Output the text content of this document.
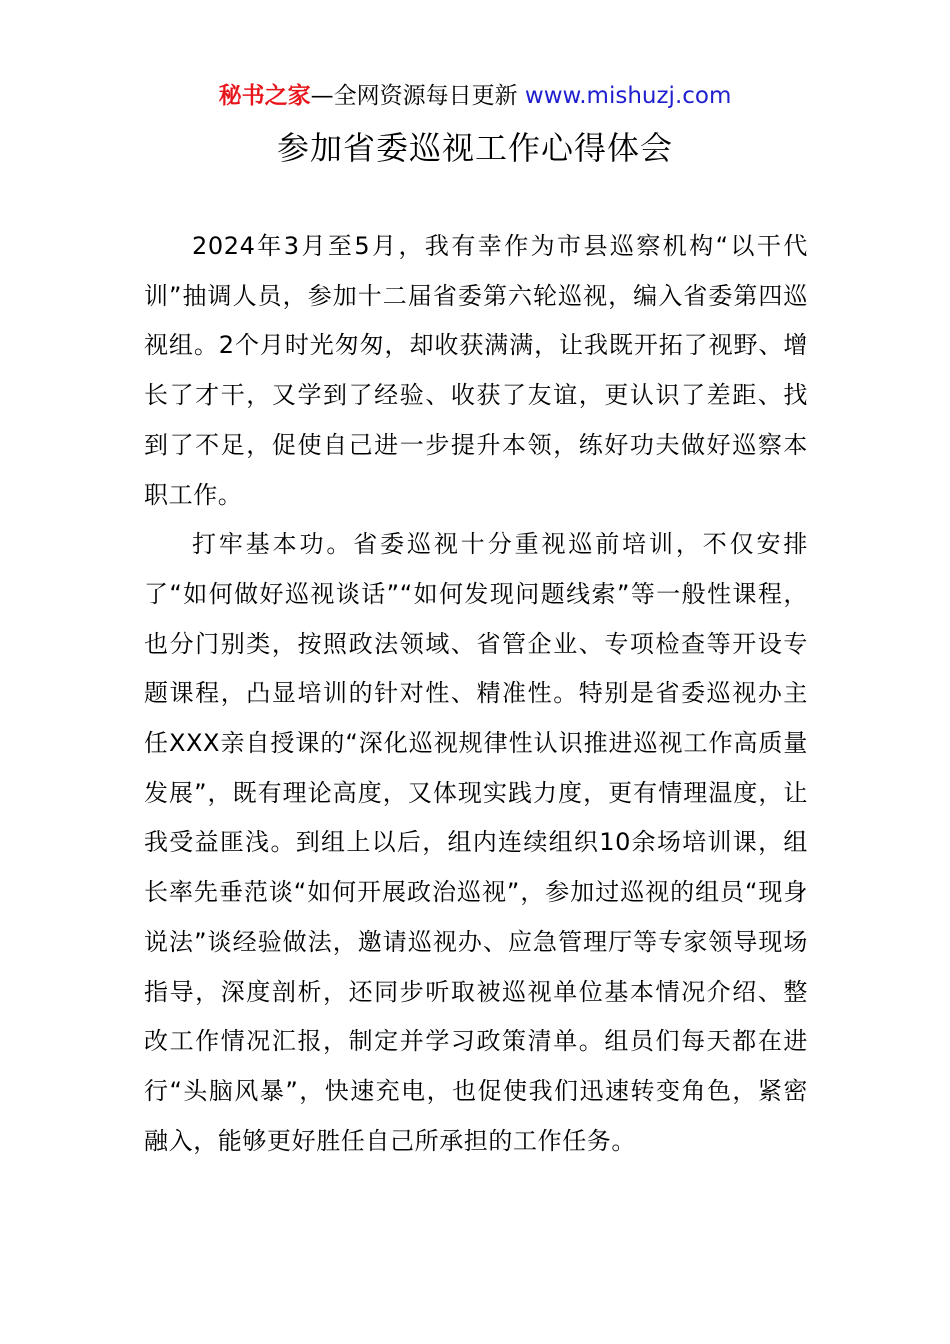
秘书之家—全网资源每日更新 www.mishuzj.com
参加省委巡视工作心得体会

2024年3月至5月，我有幸作为市县巡察机构“以干代训”抽调人员，参加十二届省委第六轮巡视，编入省委第四巡视组。2个月时光匆匆，却收获满满，让我既开拓了视野、增长了才干，又学到了经验、收获了友谊，更认识了差距、找到了不足，促使自己进一步提升本领，练好功夫做好巡察本职工作。

打牢基本功。省委巡视十分重视巡前培训，不仅安排了“如何做好巡视谈话”“如何发现问题线索”等一般性课程，也分门别类，按照政法领域、省管企业、专项检查等开设专题课程，凸显培训的针对性、精准性。特别是省委巡视办主任XXX亲自授课的“深化巡视规律性认识推进巡视工作高质量发展”，既有理论高度，又体现实践力度，更有情理温度，让我受益匪浅。到组上以后，组内连续组织10余场培训课，组长率先垂范谈“如何开展政治巡视”，参加过巡视的组员“现身说法”谈经验做法，邀请巡视办、应急管理厅等专家领导现场指导，深度剖析，还同步听取被巡视单位基本情况介绍、整改工作情况汇报，制定并学习政策清单。组员们每天都在进行“头脑风暴”，快速充电，也促使我们迅速转变角色，紧密融入，能够更好胜任自己所承担的工作任务。
